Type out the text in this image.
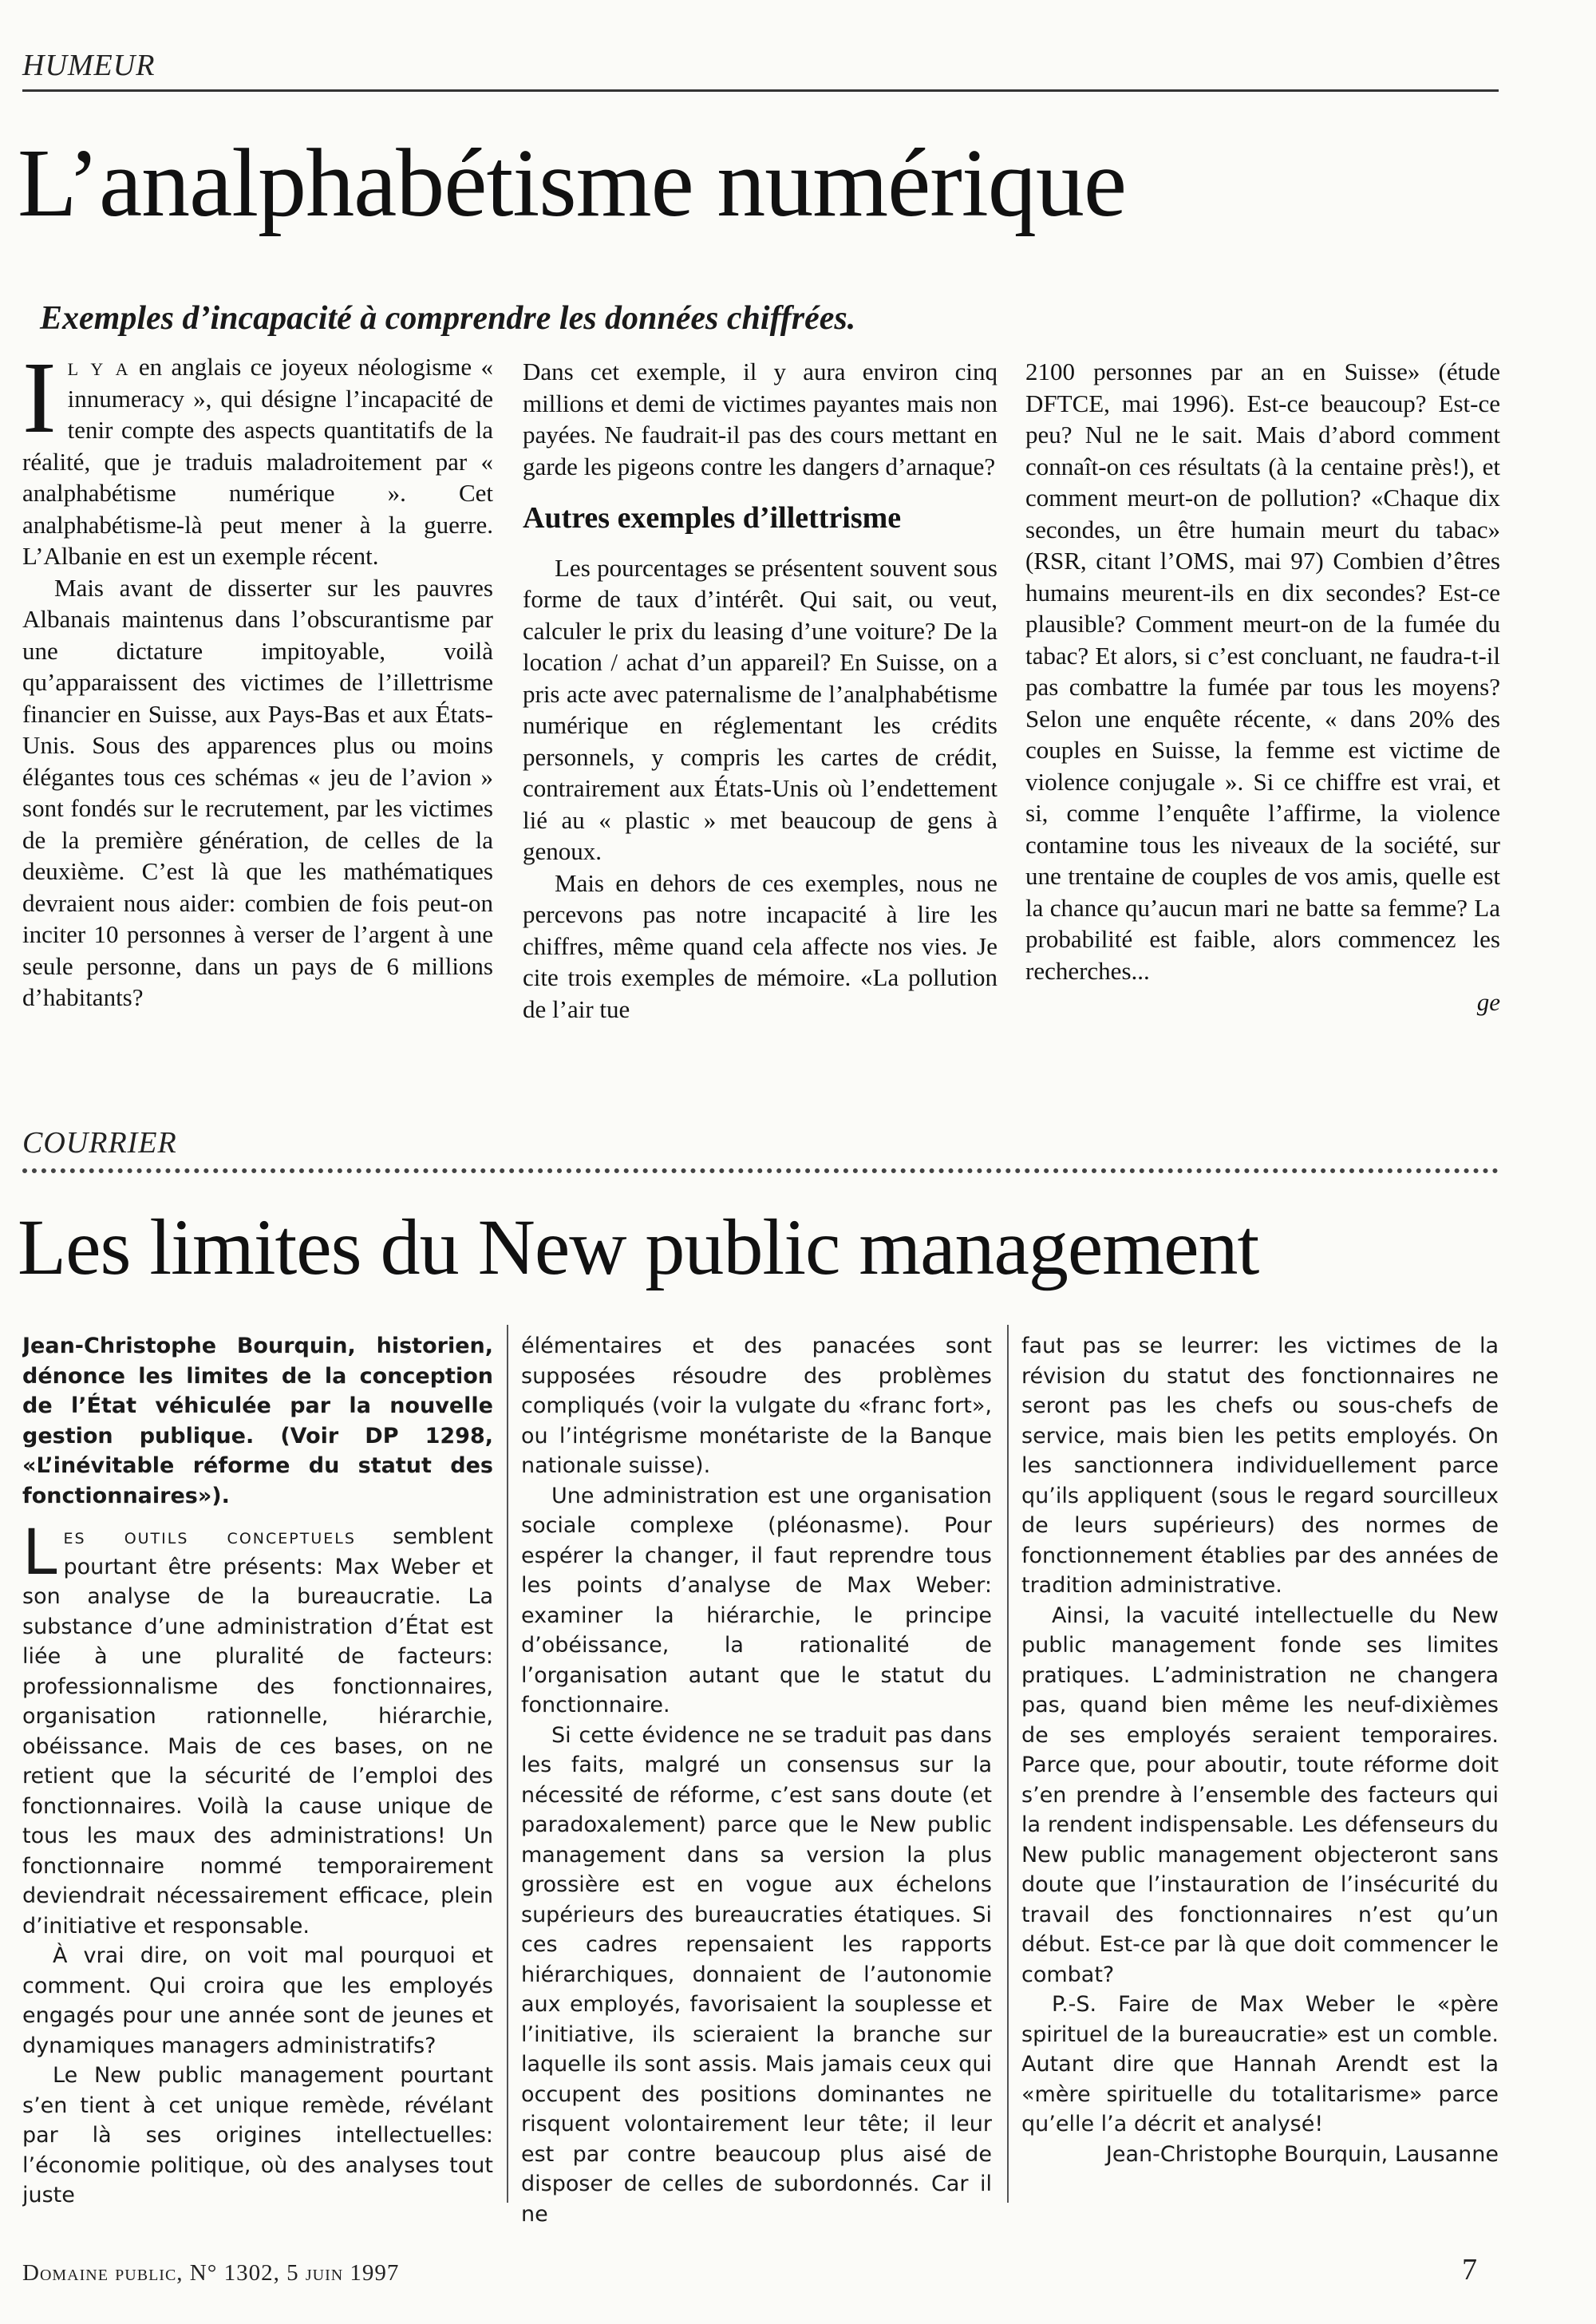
HUMEUR
L’analphabétisme numérique
Exemples d’incapacité à comprendre les données chiffrées.

Il y a en anglais ce joyeux néologisme « innumeracy », qui désigne l’incapacité de tenir compte des aspects quantitatifs de la réalité, que je traduis maladroitement par « analphabétisme numérique ». Cet analphabétisme-là peut mener à la guerre. L’Albanie en est un exemple récent.

Mais avant de disserter sur les pauvres Albanais maintenus dans l’obscurantisme par une dictature impitoyable, voilà qu’apparaissent des victimes de l’illettrisme financier en Suisse, aux Pays-Bas et aux États-Unis. Sous des apparences plus ou moins élégantes tous ces schémas « jeu de l’avion » sont fondés sur le recrutement, par les victimes de la première génération, de celles de la deuxième. C’est là que les mathématiques devraient nous aider: combien de fois peut-on inciter 10 personnes à verser de l’argent à une seule personne, dans un pays de 6 millions d’habitants?

Dans cet exemple, il y aura environ cinq millions et demi de victimes payantes mais non payées. Ne faudrait-il pas des cours mettant en garde les pigeons contre les dangers d’arnaque?

Autres exemples d’illettrisme

Les pourcentages se présentent souvent sous forme de taux d’intérêt. Qui sait, ou veut, calculer le prix du leasing d’une voiture? De la location / achat d’un appareil? En Suisse, on a pris acte avec paternalisme de l’analphabétisme numérique en réglementant les crédits personnels, y compris les cartes de crédit, contrairement aux États-Unis où l’endettement lié au « plastic » met beaucoup de gens à genoux.

Mais en dehors de ces exemples, nous ne percevons pas notre incapacité à lire les chiffres, même quand cela affecte nos vies. Je cite trois exemples de mémoire. «La pollution de l’air tue

2100 personnes par an en Suisse» (étude DFTCE, mai 1996). Est-ce beaucoup? Est-ce peu? Nul ne le sait. Mais d’abord comment connaît-on ces résultats (à la centaine près!), et comment meurt-on de pollution? «Chaque dix secondes, un être humain meurt du tabac» (RSR, citant l’OMS, mai 97) Combien d’êtres humains meurent-ils en dix secondes? Est-ce plausible? Comment meurt-on de la fumée du tabac? Et alors, si c’est concluant, ne faudra-t-il pas combattre la fumée par tous les moyens? Selon une enquête récente, « dans 20% des couples en Suisse, la femme est victime de violence conjugale ». Si ce chiffre est vrai, et si, comme l’enquête l’affirme, la violence contamine tous les niveaux de la société, sur une trentaine de couples de vos amis, quelle est la chance qu’aucun mari ne batte sa femme? La probabilité est faible, alors commencez les recherches...

ge
COURRIER
Les limites du New public management

Jean-Christophe Bourquin, historien, dénonce les limites de la conception de l’État véhiculée par la nouvelle gestion publique. (Voir DP 1298, «L’inévitable réforme du statut des fonctionnaires»).

Les outils conceptuels semblent pourtant être présents: Max Weber et son analyse de la bureaucratie. La substance d’une administration d’État est liée à une pluralité de facteurs: professionnalisme des fonctionnaires, organisation rationnelle, hiérarchie, obéissance. Mais de ces bases, on ne retient que la sécurité de l’emploi des fonctionnaires. Voilà la cause unique de tous les maux des administrations! Un fonctionnaire nommé temporairement deviendrait nécessairement efficace, plein d’initiative et responsable.

À vrai dire, on voit mal pourquoi et comment. Qui croira que les employés engagés pour une année sont de jeunes et dynamiques managers administratifs?

Le New public management pourtant s’en tient à cet unique remède, révélant par là ses origines intellectuelles: l’économie politique, où des analyses tout juste

élémentaires et des panacées sont supposées résoudre des problèmes compliqués (voir la vulgate du «franc fort», ou l’intégrisme monétariste de la Banque nationale suisse).

Une administration est une organisation sociale complexe (pléonasme). Pour espérer la changer, il faut reprendre tous les points d’analyse de Max Weber: examiner la hiérarchie, le principe d’obéissance, la rationalité de l’organisation autant que le statut du fonctionnaire.

Si cette évidence ne se traduit pas dans les faits, malgré un consensus sur la nécessité de réforme, c’est sans doute (et paradoxalement) parce que le New public management dans sa version la plus grossière est en vogue aux échelons supérieurs des bureaucraties étatiques. Si ces cadres repensaient les rapports hiérarchiques, donnaient de l’autonomie aux employés, favorisaient la souplesse et l’initiative, ils scieraient la branche sur laquelle ils sont assis. Mais jamais ceux qui occupent des positions dominantes ne risquent volontairement leur tête; il leur est par contre beaucoup plus aisé de disposer de celles de subordonnés. Car il ne

faut pas se leurrer: les victimes de la révision du statut des fonctionnaires ne seront pas les chefs ou sous-chefs de service, mais bien les petits employés. On les sanctionnera individuellement parce qu’ils appliquent (sous le regard sourcilleux de leurs supérieurs) des normes de fonctionnement établies par des années de tradition administrative.

Ainsi, la vacuité intellectuelle du New public management fonde ses limites pratiques. L’administration ne changera pas, quand bien même les neuf-dixièmes de ses employés seraient temporaires. Parce que, pour aboutir, toute réforme doit s’en prendre à l’ensemble des facteurs qui la rendent indispensable. Les défenseurs du New public management objecteront sans doute que l’instauration de l’insécurité du travail des fonctionnaires n’est qu’un début. Est-ce par là que doit commencer le combat?

P.-S. Faire de Max Weber le «père spirituel de la bureaucratie» est un comble. Autant dire que Hannah Arendt est la «mère spirituelle du totalitarisme» parce qu’elle l’a décrit et analysé!

Jean-Christophe Bourquin, Lausanne
Domaine public, N° 1302, 5 juin 1997	7
